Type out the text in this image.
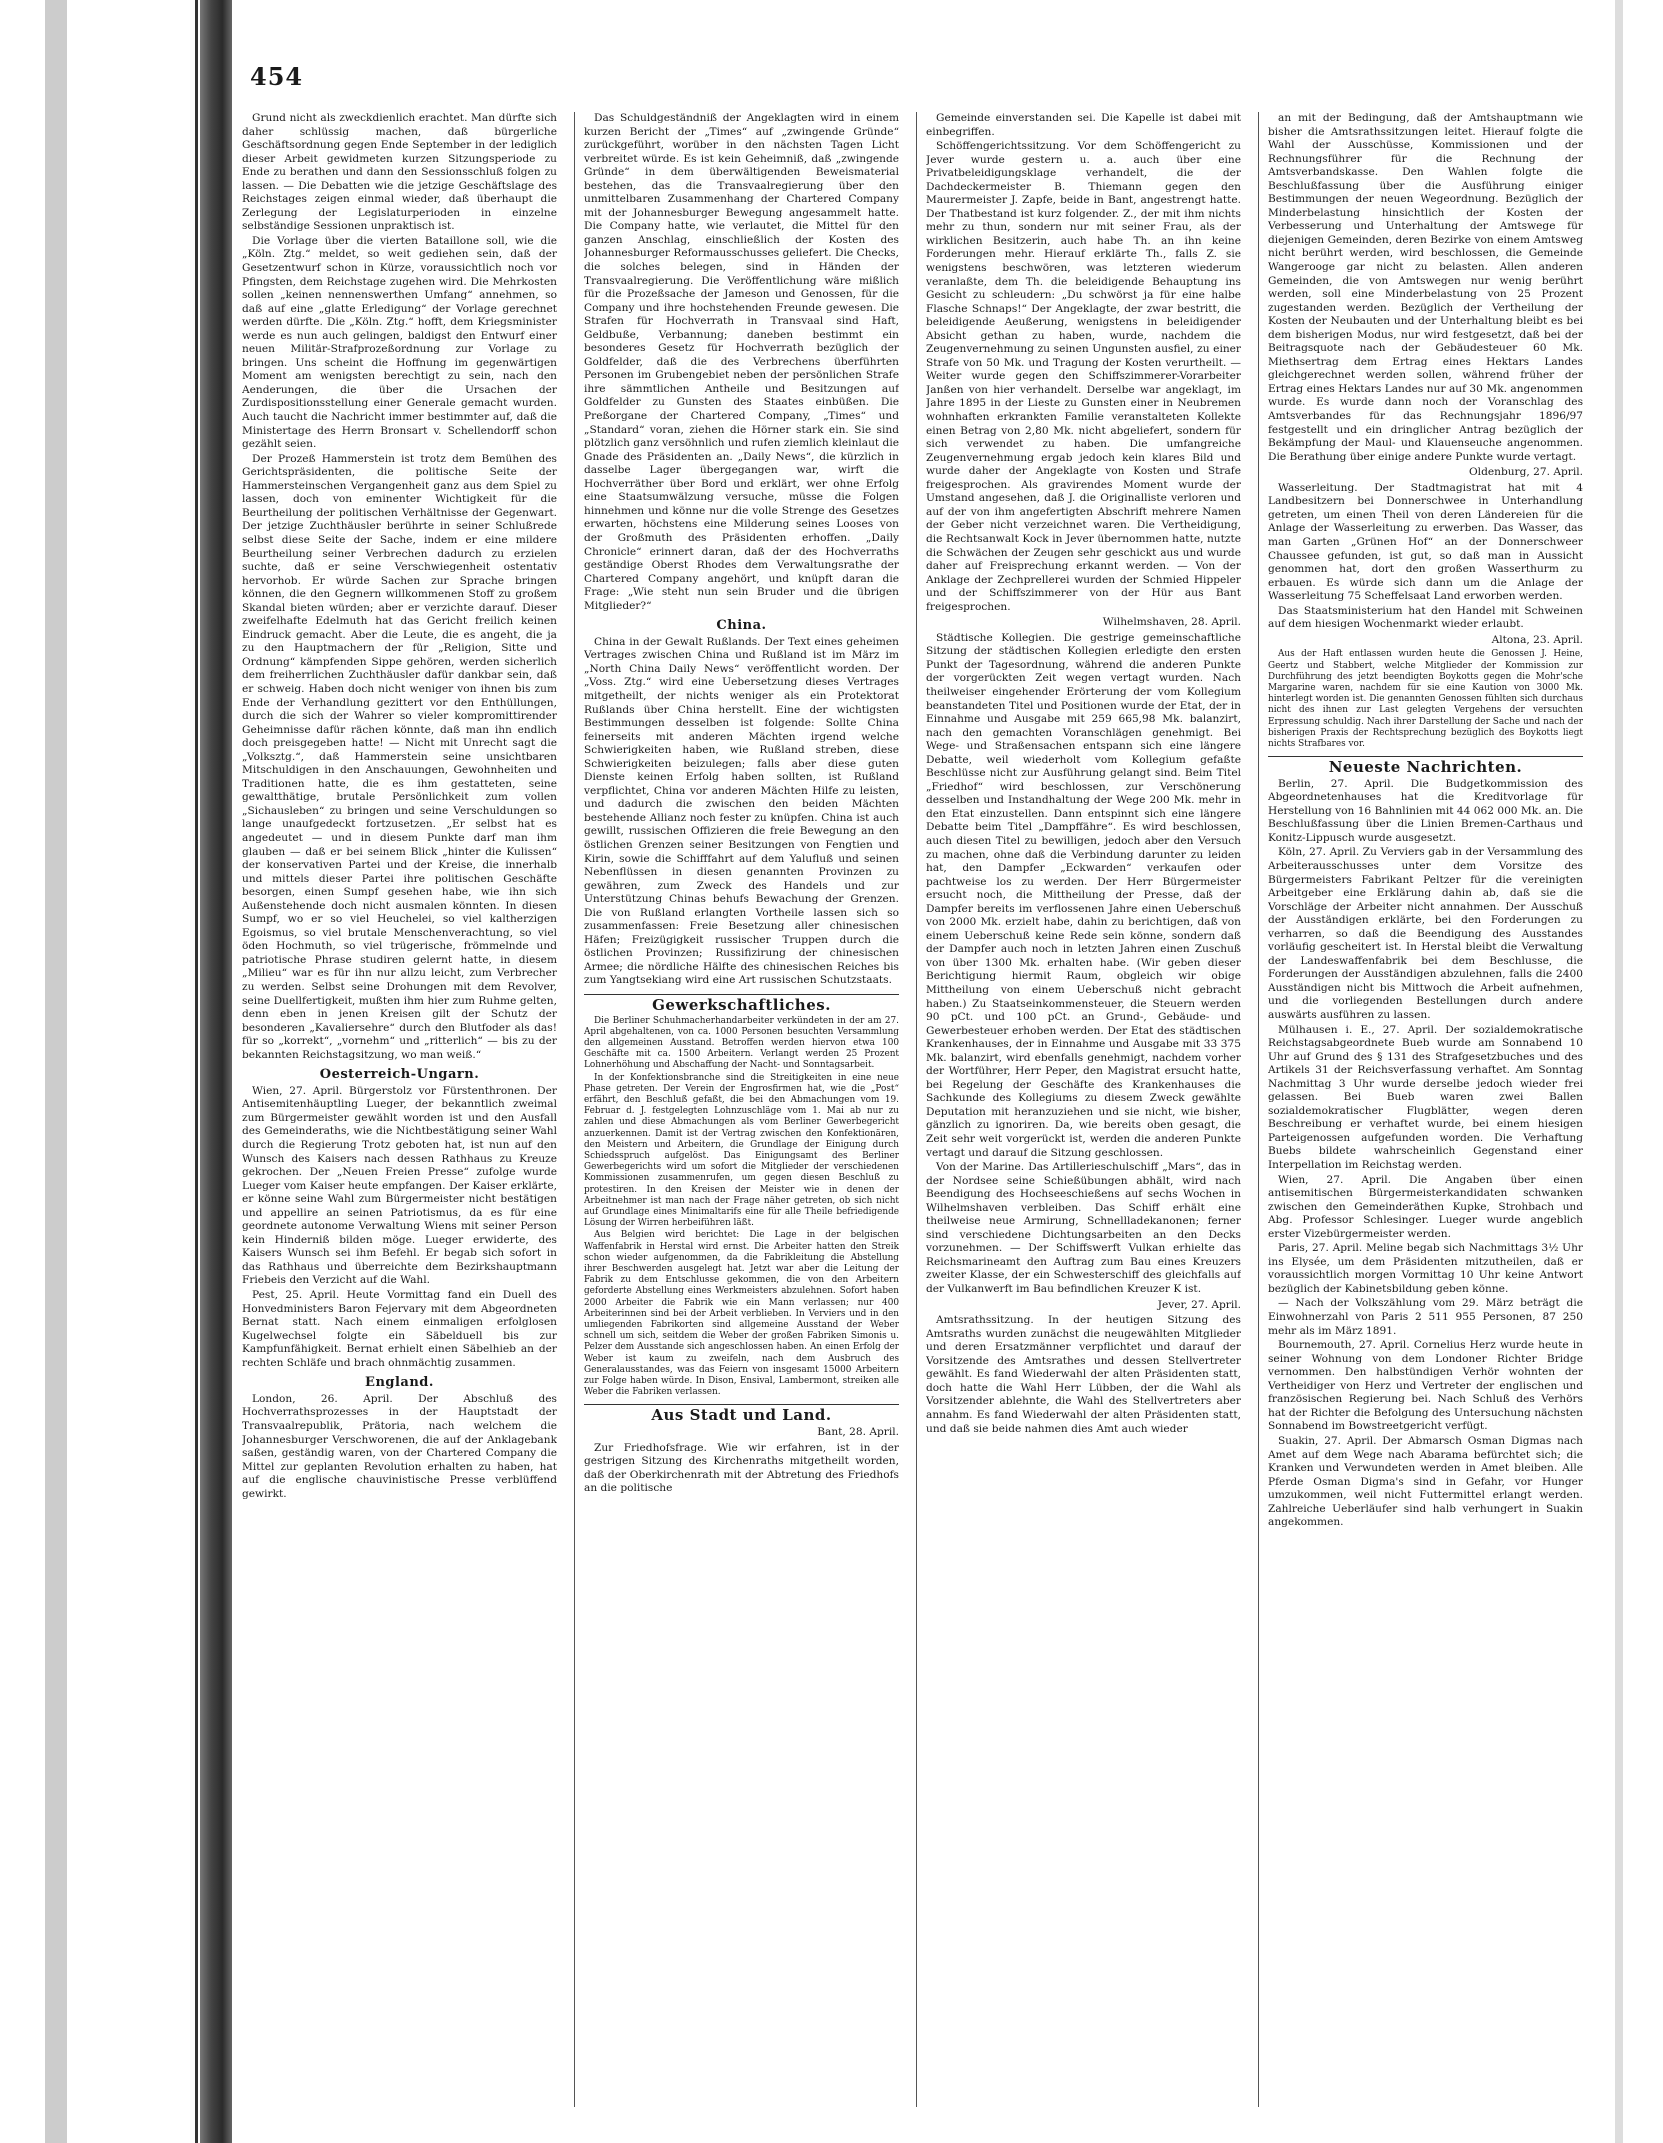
454

Grund nicht als zweckdienlich erachtet. Man dürfte sich daher schlüssig machen, daß bürgerliche Geschäftsordnung gegen Ende September in der lediglich dieser Arbeit gewidmeten kurzen Sitzungsperiode zu Ende zu berathen und dann den Sessionsschluß folgen zu lassen. — Die Debatten wie die jetzige Geschäftslage des Reichstages zeigen einmal wieder, daß überhaupt die Zerlegung der Legislaturperioden in einzelne selbständige Sessionen unpraktisch ist.

Die Vorlage über die vierten Bataillone soll, wie die „Köln. Ztg.“ meldet, so weit gediehen sein, daß der Gesetzentwurf schon in Kürze, voraussichtlich noch vor Pfingsten, dem Reichstage zugehen wird. Die Mehrkosten sollen „keinen nennenswerthen Umfang“ annehmen, so daß auf eine „glatte Erledigung“ der Vorlage gerechnet werden dürfte. Die „Köln. Ztg.“ hofft, dem Kriegsminister werde es nun auch gelingen, baldigst den Entwurf einer neuen Militär-Strafprozeßordnung zur Vorlage zu bringen. Uns scheint die Hoffnung im gegenwärtigen Moment am wenigsten berechtigt zu sein, nach den Aenderungen, die über die Ursachen der Zurdispositionsstellung einer Generale gemacht wurden. Auch taucht die Nachricht immer bestimmter auf, daß die Ministertage des Herrn Bronsart v. Schellendorff schon gezählt seien.

Der Prozeß Hammerstein ist trotz dem Bemühen des Gerichtspräsidenten, die politische Seite der Hammersteinschen Vergangenheit ganz aus dem Spiel zu lassen, doch von eminenter Wichtigkeit für die Beurtheilung der politischen Verhältnisse der Gegenwart. Der jetzige Zuchthäusler berührte in seiner Schlußrede selbst diese Seite der Sache, indem er eine mildere Beurtheilung seiner Verbrechen dadurch zu erzielen suchte, daß er seine Verschwiegenheit ostentativ hervorhob. Er würde Sachen zur Sprache bringen können, die den Gegnern willkommenen Stoff zu großem Skandal bieten würden; aber er verzichte darauf. Dieser zweifelhafte Edelmuth hat das Gericht freilich keinen Eindruck gemacht. Aber die Leute, die es angeht, die ja zu den Hauptmachern der für „Religion, Sitte und Ordnung“ kämpfenden Sippe gehören, werden sicherlich dem freiherrlichen Zuchthäusler dafür dankbar sein, daß er schweig. Haben doch nicht weniger von ihnen bis zum Ende der Verhandlung gezittert vor den Enthüllungen, durch die sich der Wahrer so vieler kompromittirender Geheimnisse dafür rächen könnte, daß man ihn endlich doch preisgegeben hatte! — Nicht mit Unrecht sagt die „Volksztg.“, daß Hammerstein seine unsichtbaren Mitschuldigen in den Anschauungen, Gewohnheiten und Traditionen hatte, die es ihm gestatteten, seine gewaltthätige, brutale Persönlichkeit zum vollen „Sichausleben“ zu bringen und seine Verschuldungen so lange unaufgedeckt fortzusetzen. „Er selbst hat es angedeutet — und in diesem Punkte darf man ihm glauben — daß er bei seinem Blick „hinter die Kulissen“ der konservativen Partei und der Kreise, die innerhalb und mittels dieser Partei ihre politischen Geschäfte besorgen, einen Sumpf gesehen habe, wie ihn sich Außenstehende doch nicht ausmalen könnten. In diesen Sumpf, wo er so viel Heuchelei, so viel kaltherzigen Egoismus, so viel brutale Menschenverachtung, so viel öden Hochmuth, so viel trügerische, frömmelnde und patriotische Phrase studiren gelernt hatte, in diesem „Milieu“ war es für ihn nur allzu leicht, zum Verbrecher zu werden. Selbst seine Drohungen mit dem Revolver, seine Duellfertigkeit, mußten ihm hier zum Ruhme gelten, denn eben in jenen Kreisen gilt der Schutz der besonderen „Kavaliersehre“ durch den Blutfoder als das! für so „korrekt“, „vornehm“ und „ritterlich“ — bis zu der bekannten Reichstagsitzung, wo man weiß.“

Oesterreich-Ungarn.

Wien, 27. April. Bürgerstolz vor Fürstenthronen. Der Antisemitenhäuptling Lueger, der bekanntlich zweimal zum Bürgermeister gewählt worden ist und den Ausfall des Gemeinderaths, wie die Nichtbestätigung seiner Wahl durch die Regierung Trotz geboten hat, ist nun auf den Wunsch des Kaisers nach dessen Rathhaus zu Kreuze gekrochen. Der „Neuen Freien Presse“ zufolge wurde Lueger vom Kaiser heute empfangen. Der Kaiser erklärte, er könne seine Wahl zum Bürgermeister nicht bestätigen und appellire an seinen Patriotismus, da es für eine geordnete autonome Verwaltung Wiens mit seiner Person kein Hinderniß bilden möge. Lueger erwiderte, des Kaisers Wunsch sei ihm Befehl. Er begab sich sofort in das Rathhaus und überreichte dem Bezirkshauptmann Friebeis den Verzicht auf die Wahl.

Pest, 25. April. Heute Vormittag fand ein Duell des Honvedministers Baron Fejervary mit dem Abgeordneten Bernat statt. Nach einem einmaligen erfolglosen Kugelwechsel folgte ein Säbelduell bis zur Kampfunfähigkeit. Bernat erhielt einen Säbelhieb an der rechten Schläfe und brach ohnmächtig zusammen.

England.

London, 26. April. Der Abschluß des Hochverrathsprozesses in der Hauptstadt der Transvaalrepublik, Prätoria, nach welchem die Johannesburger Verschworenen, die auf der Anklagebank saßen, geständig waren, von der Chartered Company die Mittel zur geplanten Revolution erhalten zu haben, hat auf die englische chauvinistische Presse verblüffend gewirkt.

Das Schuldgeständniß der Angeklagten wird in einem kurzen Bericht der „Times“ auf „zwingende Gründe“ zurückgeführt, worüber in den nächsten Tagen Licht verbreitet würde. Es ist kein Geheimniß, daß „zwingende Gründe“ in dem überwältigenden Beweismaterial bestehen, das die Transvaalregierung über den unmittelbaren Zusammenhang der Chartered Company mit der Johannesburger Bewegung angesammelt hatte. Die Company hatte, wie verlautet, die Mittel für den ganzen Anschlag, einschließlich der Kosten des Johannesburger Reformausschusses geliefert. Die Checks, die solches belegen, sind in Händen der Transvaalregierung. Die Veröffentlichung wäre mißlich für die Prozeßsache der Jameson und Genossen, für die Company und ihre hochstehenden Freunde gewesen. Die Strafen für Hochverrath in Transvaal sind Haft, Geldbuße, Verbannung; daneben bestimmt ein besonderes Gesetz für Hochverrath bezüglich der Goldfelder, daß die des Verbrechens überführten Personen im Grubengebiet neben der persönlichen Strafe ihre sämmtlichen Antheile und Besitzungen auf Goldfelder zu Gunsten des Staates einbüßen. Die Preßorgane der Chartered Company, „Times“ und „Standard“ voran, ziehen die Hörner stark ein. Sie sind plötzlich ganz versöhnlich und rufen ziemlich kleinlaut die Gnade des Präsidenten an. „Daily News“, die kürzlich in dasselbe Lager übergegangen war, wirft die Hochverräther über Bord und erklärt, wer ohne Erfolg eine Staatsumwälzung versuche, müsse die Folgen hinnehmen und könne nur die volle Strenge des Gesetzes erwarten, höchstens eine Milderung seines Looses von der Großmuth des Präsidenten erhoffen. „Daily Chronicle“ erinnert daran, daß der des Hochverraths geständige Oberst Rhodes dem Verwaltungsrathe der Chartered Company angehört, und knüpft daran die Frage: „Wie steht nun sein Bruder und die übrigen Mitglieder?“

China.

China in der Gewalt Rußlands. Der Text eines geheimen Vertrages zwischen China und Rußland ist im März im „North China Daily News“ veröffentlicht worden. Der „Voss. Ztg.“ wird eine Uebersetzung dieses Vertrages mitgetheilt, der nichts weniger als ein Protektorat Rußlands über China herstellt. Eine der wichtigsten Bestimmungen desselben ist folgende: Sollte China feinerseits mit anderen Mächten irgend welche Schwierigkeiten haben, wie Rußland streben, diese Schwierigkeiten beizulegen; falls aber diese guten Dienste keinen Erfolg haben sollten, ist Rußland verpflichtet, China vor anderen Mächten Hilfe zu leisten, und dadurch die zwischen den beiden Mächten bestehende Allianz noch fester zu knüpfen. China ist auch gewillt, russischen Offizieren die freie Bewegung an den östlichen Grenzen seiner Besitzungen von Fengtien und Kirin, sowie die Schifffahrt auf dem Yalufluß und seinen Nebenflüssen in diesen genannten Provinzen zu gewähren, zum Zweck des Handels und zur Unterstützung Chinas behufs Bewachung der Grenzen. Die von Rußland erlangten Vortheile lassen sich so zusammenfassen: Freie Besetzung aller chinesischen Häfen; Freizügigkeit russischer Truppen durch die östlichen Provinzen; Russifizirung der chinesischen Armee; die nördliche Hälfte des chinesischen Reiches bis zum Yangtsekiang wird eine Art russischen Schutzstaats.

Gewerkschaftliches.

Die Berliner Schuhmacherhandarbeiter verkündeten in der am 27. April abgehaltenen, von ca. 1000 Personen besuchten Versammlung den allgemeinen Ausstand. Betroffen werden hiervon etwa 100 Geschäfte mit ca. 1500 Arbeitern. Verlangt werden 25 Prozent Lohnerhöhung und Abschaffung der Nacht- und Sonntagsarbeit.

In der Konfektionsbranche sind die Streitigkeiten in eine neue Phase getreten. Der Verein der Engrosfirmen hat, wie die „Post“ erfährt, den Beschluß gefaßt, die bei den Abmachungen vom 19. Februar d. J. festgelegten Lohnzuschläge vom 1. Mai ab nur zu zahlen und diese Abmachungen als vom Berliner Gewerbegericht anzuerkennen. Damit ist der Vertrag zwischen den Konfektionären, den Meistern und Arbeitern, die Grundlage der Einigung durch Schiedsspruch aufgelöst. Das Einigungsamt des Berliner Gewerbegerichts wird um sofort die Mitglieder der verschiedenen Kommissionen zusammenrufen, um gegen diesen Beschluß zu protestiren. In den Kreisen der Meister wie in denen der Arbeitnehmer ist man nach der Frage näher getreten, ob sich nicht auf Grundlage eines Minimaltarifs eine für alle Theile befriedigende Lösung der Wirren herbeiführen läßt.

Aus Belgien wird berichtet: Die Lage in der belgischen Waffenfabrik in Herstal wird ernst. Die Arbeiter hatten den Streik schon wieder aufgenommen, da die Fabrikleitung die Abstellung ihrer Beschwerden ausgelegt hat. Jetzt war aber die Leitung der Fabrik zu dem Entschlusse gekommen, die von den Arbeitern geforderte Abstellung eines Werkmeisters abzulehnen. Sofort haben 2000 Arbeiter die Fabrik wie ein Mann verlassen; nur 400 Arbeiterinnen sind bei der Arbeit verblieben. In Verviers und in den umliegenden Fabrikorten sind allgemeine Ausstand der Weber schnell um sich, seitdem die Weber der großen Fabriken Simonis u. Pelzer dem Ausstande sich angeschlossen haben. An einen Erfolg der Weber ist kaum zu zweifeln, nach dem Ausbruch des Generalausstandes, was das Feiern von insgesamt 15000 Arbeitern zur Folge haben würde. In Dison, Ensival, Lambermont, streiken alle Weber die Fabriken verlassen.

Aus Stadt und Land.
Bant, 28. April.

Zur Friedhofsfrage. Wie wir erfahren, ist in der gestrigen Sitzung des Kirchenraths mitgetheilt worden, daß der Oberkirchenrath mit der Abtretung des Friedhofs an die politische

Gemeinde einverstanden sei. Die Kapelle ist dabei mit einbegriffen.

Schöffengerichtssitzung. Vor dem Schöffengericht zu Jever wurde gestern u. a. auch über eine Privatbeleidigungsklage verhandelt, die der Dachdeckermeister B. Thiemann gegen den Maurermeister J. Zapfe, beide in Bant, angestrengt hatte. Der Thatbestand ist kurz folgender. Z., der mit ihm nichts mehr zu thun, sondern nur mit seiner Frau, als der wirklichen Besitzerin, auch habe Th. an ihn keine Forderungen mehr. Hierauf erklärte Th., falls Z. sie wenigstens beschwören, was letzteren wiederum veranlaßte, dem Th. die beleidigende Behauptung ins Gesicht zu schleudern: „Du schwörst ja für eine halbe Flasche Schnaps!“ Der Angeklagte, der zwar bestritt, die beleidigende Aeußerung, wenigstens in beleidigender Absicht gethan zu haben, wurde, nachdem die Zeugenvernehmung zu seinen Ungunsten ausfiel, zu einer Strafe von 50 Mk. und Tragung der Kosten verurtheilt. — Weiter wurde gegen den Schiffszimmerer-Vorarbeiter Janßen von hier verhandelt. Derselbe war angeklagt, im Jahre 1895 in der Lieste zu Gunsten einer in Neubremen wohnhaften erkrankten Familie veranstalteten Kollekte einen Betrag von 2,80 Mk. nicht abgeliefert, sondern für sich verwendet zu haben. Die umfangreiche Zeugenvernehmung ergab jedoch kein klares Bild und wurde daher der Angeklagte von Kosten und Strafe freigesprochen. Als gravirendes Moment wurde der Umstand angesehen, daß J. die Originalliste verloren und auf der von ihm angefertigten Abschrift mehrere Namen der Geber nicht verzeichnet waren. Die Vertheidigung, die Rechtsanwalt Kock in Jever übernommen hatte, nutzte die Schwächen der Zeugen sehr geschickt aus und wurde daher auf Freisprechung erkannt werden. — Von der Anklage der Zechprellerei wurden der Schmied Hippeler und der Schiffszimmerer von der Hür aus Bant freigesprochen.

Wilhelmshaven, 28. April.

Städtische Kollegien. Die gestrige gemeinschaftliche Sitzung der städtischen Kollegien erledigte den ersten Punkt der Tagesordnung, während die anderen Punkte der vorgerückten Zeit wegen vertagt wurden. Nach theilweiser eingehender Erörterung der vom Kollegium beanstandeten Titel und Positionen wurde der Etat, der in Einnahme und Ausgabe mit 259 665,98 Mk. balanzirt, nach den gemachten Voranschlägen genehmigt. Bei Wege- und Straßensachen entspann sich eine längere Debatte, weil wiederholt vom Kollegium gefaßte Beschlüsse nicht zur Ausführung gelangt sind. Beim Titel „Friedhof“ wird beschlossen, zur Verschönerung desselben und Instandhaltung der Wege 200 Mk. mehr in den Etat einzustellen. Dann entspinnt sich eine längere Debatte beim Titel „Dampffähre“. Es wird beschlossen, auch diesen Titel zu bewilligen, jedoch aber den Versuch zu machen, ohne daß die Verbindung darunter zu leiden hat, den Dampfer „Eckwarden“ verkaufen oder pachtweise los zu werden. Der Herr Bürgermeister ersucht noch, die Mittheilung der Presse, daß der Dampfer bereits im verflossenen Jahre einen Ueberschuß von 2000 Mk. erzielt habe, dahin zu berichtigen, daß von einem Ueberschuß keine Rede sein könne, sondern daß der Dampfer auch noch in letzten Jahren einen Zuschuß von über 1300 Mk. erhalten habe. (Wir geben dieser Berichtigung hiermit Raum, obgleich wir obige Mittheilung von einem Ueberschuß nicht gebracht haben.) Zu Staatseinkommensteuer, die Steuern werden 90 pCt. und 100 pCt. an Grund-, Gebäude- und Gewerbesteuer erhoben werden. Der Etat des städtischen Krankenhauses, der in Einnahme und Ausgabe mit 33 375 Mk. balanzirt, wird ebenfalls genehmigt, nachdem vorher der Wortführer, Herr Peper, den Magistrat ersucht hatte, bei Regelung der Geschäfte des Krankenhauses die Sachkunde des Kollegiums zu diesem Zweck gewählte Deputation mit heranzuziehen und sie nicht, wie bisher, gänzlich zu ignoriren. Da, wie bereits oben gesagt, die Zeit sehr weit vorgerückt ist, werden die anderen Punkte vertagt und darauf die Sitzung geschlossen.

Von der Marine. Das Artillerieschulschiff „Mars“, das in der Nordsee seine Schießübungen abhält, wird nach Beendigung des Hochseeschießens auf sechs Wochen in Wilhelmshaven verbleiben. Das Schiff erhält eine theilweise neue Armirung, Schnellladekanonen; ferner sind verschiedene Dichtungsarbeiten an den Decks vorzunehmen. — Der Schiffswerft Vulkan erhielte das Reichsmarineamt den Auftrag zum Bau eines Kreuzers zweiter Klasse, der ein Schwesterschiff des gleichfalls auf der Vulkanwerft im Bau befindlichen Kreuzer K ist.

Jever, 27. April.

Amtsrathssitzung. In der heutigen Sitzung des Amtsraths wurden zunächst die neugewählten Mitglieder und deren Ersatzmänner verpflichtet und darauf der Vorsitzende des Amtsrathes und dessen Stellvertreter gewählt. Es fand Wiederwahl der alten Präsidenten statt, doch hatte die Wahl Herr Lübben, der die Wahl als Vorsitzender ablehnte, die Wahl des Stellvertreters aber annahm. Es fand Wiederwahl der alten Präsidenten statt, und daß sie beide nahmen dies Amt auch wieder

an mit der Bedingung, daß der Amtshauptmann wie bisher die Amtsrathssitzungen leitet. Hierauf folgte die Wahl der Ausschüsse, Kommissionen und der Rechnungsführer für die Rechnung der Amtsverbandskasse. Den Wahlen folgte die Beschlußfassung über die Ausführung einiger Bestimmungen der neuen Wegeordnung. Bezüglich der Minderbelastung hinsichtlich der Kosten der Verbesserung und Unterhaltung der Amtswege für diejenigen Gemeinden, deren Bezirke von einem Amtsweg nicht berührt werden, wird beschlossen, die Gemeinde Wangerooge gar nicht zu belasten. Allen anderen Gemeinden, die von Amtswegen nur wenig berührt werden, soll eine Minderbelastung von 25 Prozent zugestanden werden. Bezüglich der Vertheilung der Kosten der Neubauten und der Unterhaltung bleibt es bei dem bisherigen Modus, nur wird festgesetzt, daß bei der Beitragsquote nach der Gebäudesteuer 60 Mk. Miethsertrag dem Ertrag eines Hektars Landes gleichgerechnet werden sollen, während früher der Ertrag eines Hektars Landes nur auf 30 Mk. angenommen wurde. Es wurde dann noch der Voranschlag des Amtsverbandes für das Rechnungsjahr 1896/97 festgestellt und ein dringlicher Antrag bezüglich der Bekämpfung der Maul- und Klauenseuche angenommen. Die Berathung über einige andere Punkte wurde vertagt.

Oldenburg, 27. April.

Wasserleitung. Der Stadtmagistrat hat mit 4 Landbesitzern bei Donnerschwee in Unterhandlung getreten, um einen Theil von deren Ländereien für die Anlage der Wasserleitung zu erwerben. Das Wasser, das man Garten „Grünen Hof“ an der Donnerschweer Chaussee gefunden, ist gut, so daß man in Aussicht genommen hat, dort den großen Wasserthurm zu erbauen. Es würde sich dann um die Anlage der Wasserleitung 75 Scheffelsaat Land erworben werden.

Das Staatsministerium hat den Handel mit Schweinen auf dem hiesigen Wochenmarkt wieder erlaubt.

Altona, 23. April.

Aus der Haft entlassen wurden heute die Genossen J. Heine, Geertz und Stabbert, welche Mitglieder der Kommission zur Durchführung des jetzt beendigten Boykotts gegen die Mohr'sche Margarine waren, nachdem für sie eine Kaution von 3000 Mk. hinterlegt worden ist. Die genannten Genossen fühlten sich durchaus nicht des ihnen zur Last gelegten Vergehens der versuchten Erpressung schuldig. Nach ihrer Darstellung der Sache und nach der bisherigen Praxis der Rechtsprechung bezüglich des Boykotts liegt nichts Strafbares vor.

Neueste Nachrichten.

Berlin, 27. April. Die Budgetkommission des Abgeordnetenhauses hat die Kreditvorlage für Herstellung von 16 Bahnlinien mit 44 062 000 Mk. an. Die Beschlußfassung über die Linien Bremen-Carthaus und Konitz-Lippusch wurde ausgesetzt.

Köln, 27. April. Zu Verviers gab in der Versammlung des Arbeiterausschusses unter dem Vorsitze des Bürgermeisters Fabrikant Peltzer für die vereinigten Arbeitgeber eine Erklärung dahin ab, daß sie die Vorschläge der Arbeiter nicht annahmen. Der Ausschuß der Ausständigen erklärte, bei den Forderungen zu verharren, so daß die Beendigung des Ausstandes vorläufig gescheitert ist. In Herstal bleibt die Verwaltung der Landeswaffenfabrik bei dem Beschlusse, die Forderungen der Ausständigen abzulehnen, falls die 2400 Ausständigen nicht bis Mittwoch die Arbeit aufnehmen, und die vorliegenden Bestellungen durch andere auswärts ausführen zu lassen.

Mülhausen i. E., 27. April. Der sozialdemokratische Reichstagsabgeordnete Bueb wurde am Sonnabend 10 Uhr auf Grund des § 131 des Strafgesetzbuches und des Artikels 31 der Reichsverfassung verhaftet. Am Sonntag Nachmittag 3 Uhr wurde derselbe jedoch wieder frei gelassen. Bei Bueb waren zwei Ballen sozialdemokratischer Flugblätter, wegen deren Beschreibung er verhaftet wurde, bei einem hiesigen Parteigenossen aufgefunden worden. Die Verhaftung Buebs bildete wahrscheinlich Gegenstand einer Interpellation im Reichstag werden.

Wien, 27. April. Die Angaben über einen antisemitischen Bürgermeisterkandidaten schwanken zwischen den Gemeinderäthen Kupke, Strohbach und Abg. Professor Schlesinger. Lueger wurde angeblich erster Vizebürgermeister werden.

Paris, 27. April. Meline begab sich Nachmittags 3½ Uhr ins Elysée, um dem Präsidenten mitzutheilen, daß er voraussichtlich morgen Vormittag 10 Uhr keine Antwort bezüglich der Kabinetsbildung geben könne.

— Nach der Volkszählung vom 29. März beträgt die Einwohnerzahl von Paris 2 511 955 Personen, 87 250 mehr als im März 1891.

Bournemouth, 27. April. Cornelius Herz wurde heute in seiner Wohnung von dem Londoner Richter Bridge vernommen. Den halbstündigen Verhör wohnten der Vertheidiger von Herz und Vertreter der englischen und französischen Regierung bei. Nach Schluß des Verhörs hat der Richter die Befolgung des Untersuchung nächsten Sonnabend im Bowstreetgericht verfügt.

Suakin, 27. April. Der Abmarsch Osman Digmas nach Amet auf dem Wege nach Abarama befürchtet sich; die Kranken und Verwundeten werden in Amet bleiben. Alle Pferde Osman Digma's sind in Gefahr, vor Hunger umzukommen, weil nicht Futtermittel erlangt werden. Zahlreiche Ueberläufer sind halb verhungert in Suakin angekommen.
